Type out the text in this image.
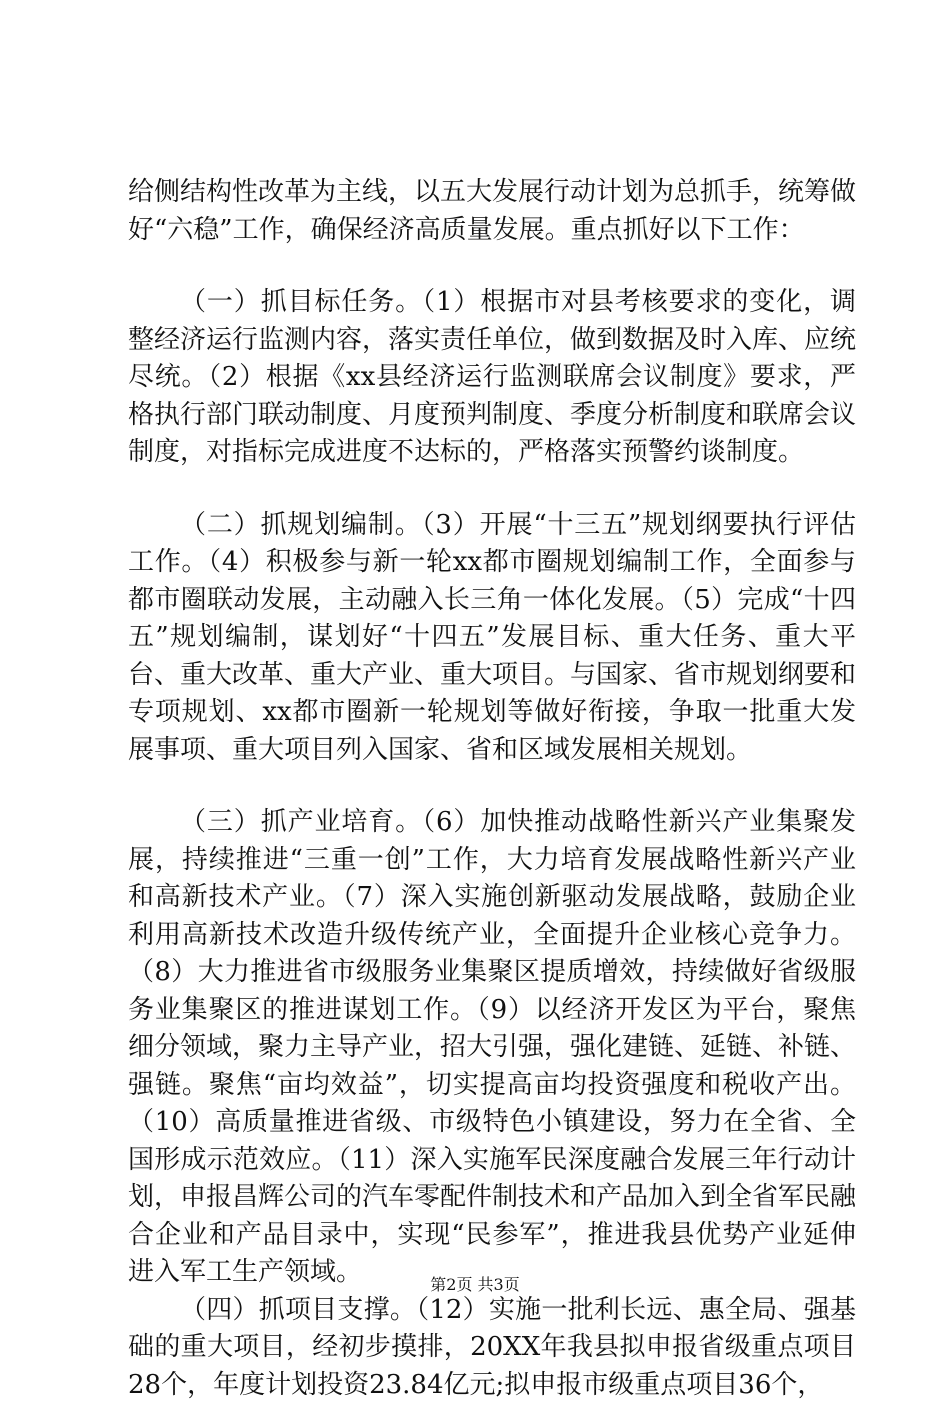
给侧结构性改革为主线，以五大发展行动计划为总抓手，统筹做好“六稳”工作，确保经济高质量发展。重点抓好以下工作：

（一）抓目标任务。（1）根据市对县考核要求的变化，调整经济运行监测内容，落实责任单位，做到数据及时入库、应统尽统。（2）根据《xx县经济运行监测联席会议制度》要求，严格执行部门联动制度、月度预判制度、季度分析制度和联席会议制度，对指标完成进度不达标的，严格落实预警约谈制度。

（二）抓规划编制。（3）开展“十三五”规划纲要执行评估工作。（4）积极参与新一轮xx都市圈规划编制工作，全面参与都市圈联动发展，主动融入长三角一体化发展。（5）完成“十四五”规划编制，谋划好“十四五”发展目标、重大任务、重大平台、重大改革、重大产业、重大项目。与国家、省市规划纲要和专项规划、xx都市圈新一轮规划等做好衔接，争取一批重大发展事项、重大项目列入国家、省和区域发展相关规划。

（三）抓产业培育。（6）加快推动战略性新兴产业集聚发展，持续推进“三重一创”工作，大力培育发展战略性新兴产业和高新技术产业。（7）深入实施创新驱动发展战略，鼓励企业利用高新技术改造升级传统产业，全面提升企业核心竞争力。（8）大力推进省市级服务业集聚区提质增效，持续做好省级服务业集聚区的推进谋划工作。（9）以经济开发区为平台，聚焦细分领域，聚力主导产业，招大引强，强化建链、延链、补链、强链。聚焦“亩均效益”，切实提高亩均投资强度和税收产出。（10）高质量推进省级、市级特色小镇建设，努力在全省、全国形成示范效应。（11）深入实施军民深度融合发展三年行动计划，申报昌辉公司的汽车零配件制技术和产品加入到全省军民融合企业和产品目录中，实现“民参军”，推进我县优势产业延伸进入军工生产领域。

（四）抓项目支撑。（12）实施一批利长远、惠全局、强基础的重大项目，经初步摸排，20XX年我县拟申报省级重点项目28个，年度计划投资23.84亿元;拟申报市级重点项目36个，

第2页 共3页
